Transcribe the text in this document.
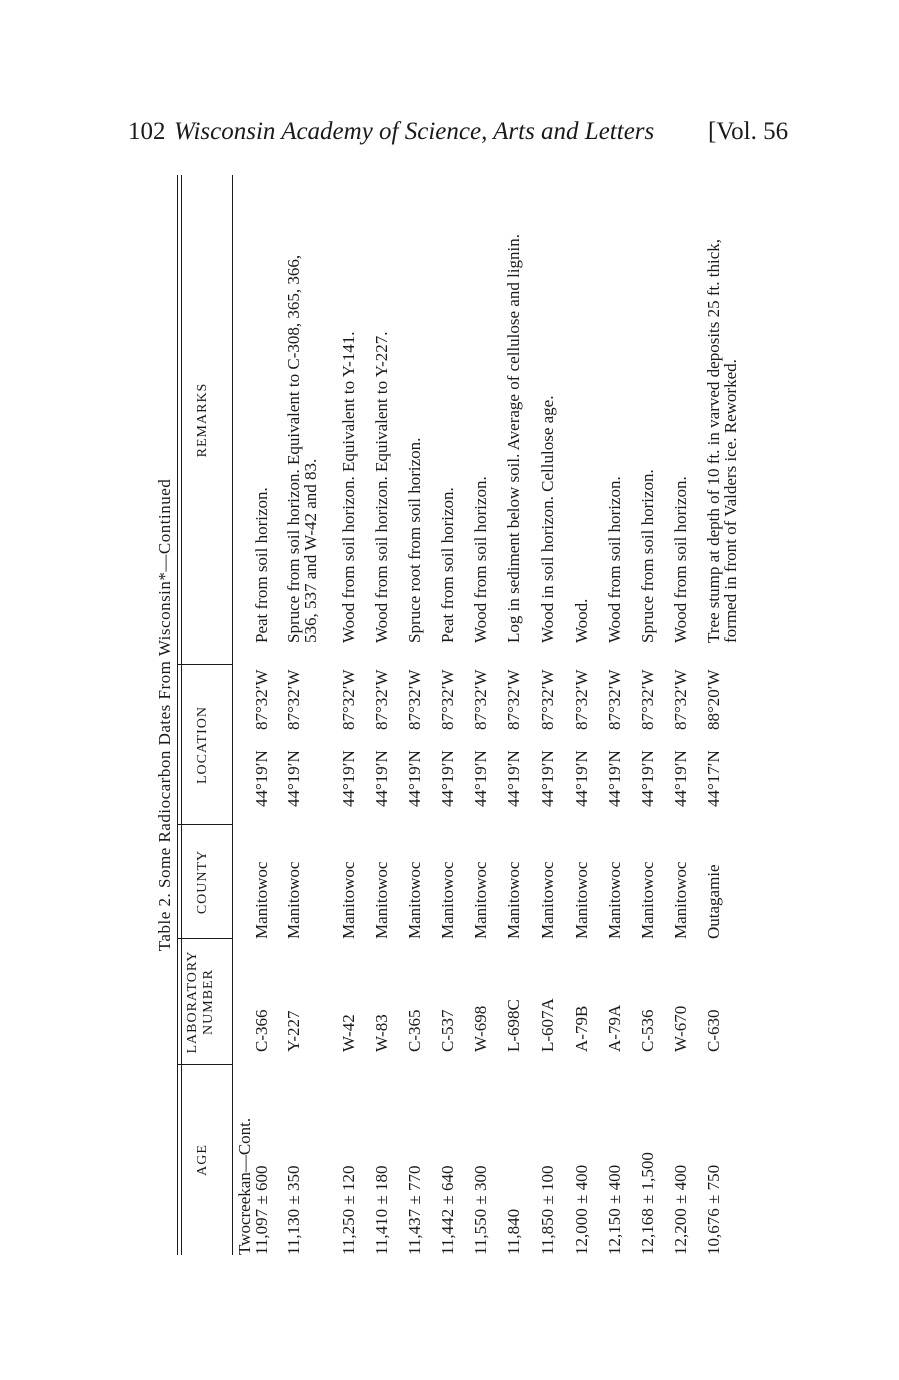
102 Wisconsin Academy of Science, Arts and Letters [Vol. 56
Table 2. Some Radiocarbon Dates From Wisconsin*—Continued
AGE
LABORATORY NUMBER
COUNTY
LOCATION
REMARKS
Twocreekan—Cont.
11,097 ± 600
C-366
Manitowoc
44°19′N
87°32′W
Peat from soil horizon.
11,130 ± 350
Y-227
Manitowoc
44°19′N
87°32′W
Spruce from soil horizon. Equivalent to C-308, 365, 366,
536, 537 and W-42 and 83.
11,250 ± 120
W-42
Manitowoc
44°19′N
87°32′W
Wood from soil horizon. Equivalent to Y-141.
11,410 ± 180
W-83
Manitowoc
44°19′N
87°32′W
Wood from soil horizon. Equivalent to Y-227.
11,437 ± 770
C-365
Manitowoc
44°19′N
87°32′W
Spruce root from soil horizon.
11,442 ± 640
C-537
Manitowoc
44°19′N
87°32′W
Peat from soil horizon.
11,550 ± 300
W-698
Manitowoc
44°19′N
87°32′W
Wood from soil horizon.
11,840
L-698C
Manitowoc
44°19′N
87°32′W
Log in sediment below soil. Average of cellulose and lignin.
11,850 ± 100
L-607A
Manitowoc
44°19′N
87°32′W
Wood in soil horizon. Cellulose age.
12,000 ± 400
A-79B
Manitowoc
44°19′N
87°32′W
Wood.
12,150 ± 400
A-79A
Manitowoc
44°19′N
87°32′W
Wood from soil horizon.
12,168 ± 1,500
C-536
Manitowoc
44°19′N
87°32′W
Spruce from soil horizon.
12,200 ± 400
W-670
Manitowoc
44°19′N
87°32′W
Wood from soil horizon.
10,676 ± 750
C-630
Outagamie
44°17′N
88°20′W
Tree stump at depth of 10 ft. in varved deposits 25 ft. thick,
formed in front of Valders ice. Reworked.
